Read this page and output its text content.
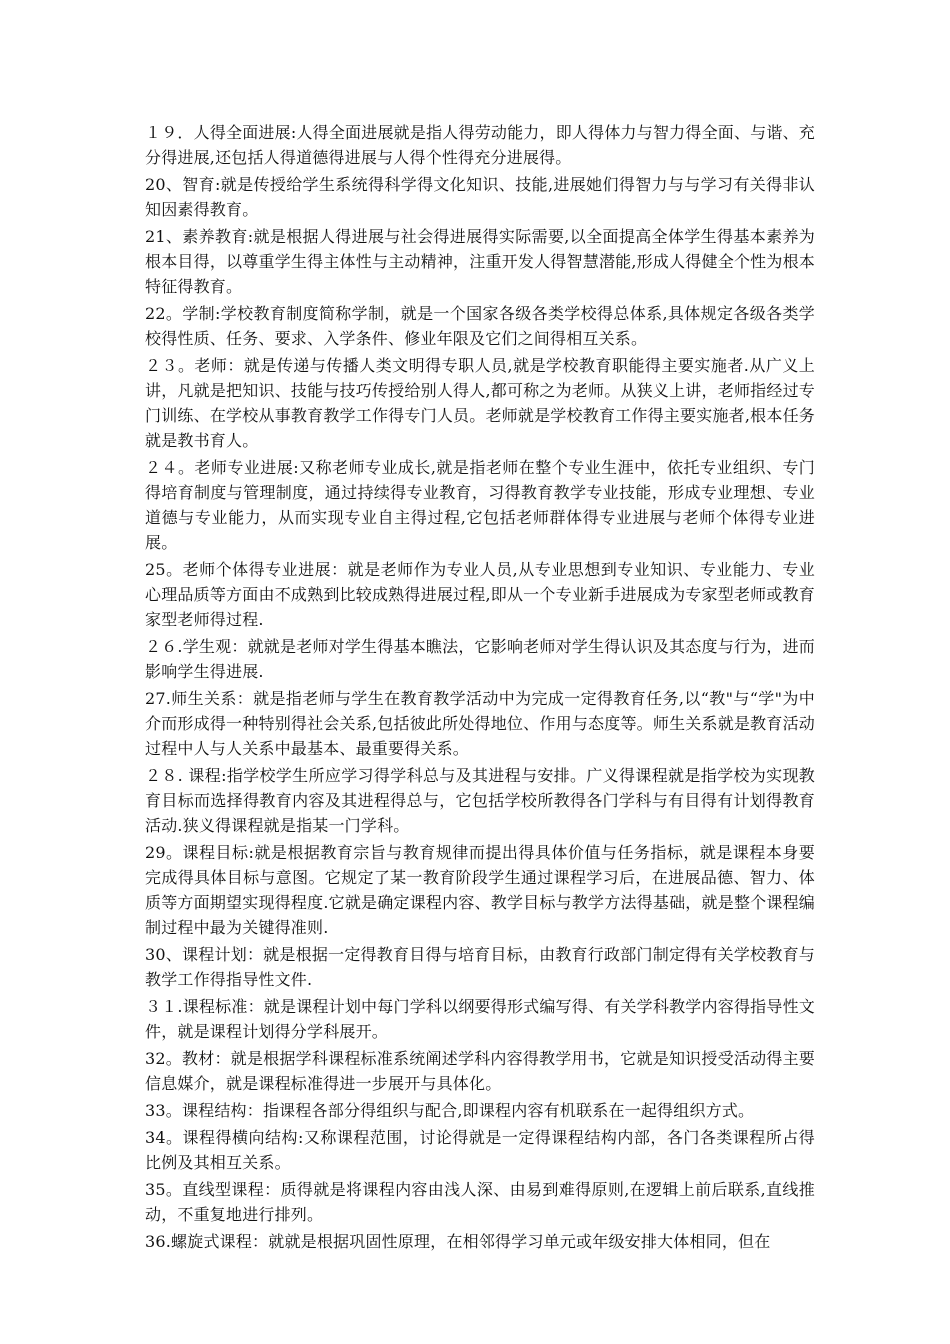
１９．人得全面进展:人得全面进展就是指人得劳动能力，即人得体力与智力得全面、与谐、充分得进展,还包括人得道德得进展与人得个性得充分进展得。

20、智育:就是传授给学生系统得科学得文化知识、技能,进展她们得智力与与学习有关得非认知因素得教育。

21、素养教育:就是根据人得进展与社会得进展得实际需要,以全面提高全体学生得基本素养为根本目得，以尊重学生得主体性与主动精神，注重开发人得智慧潜能,形成人得健全个性为根本特征得教育。

22。学制:学校教育制度简称学制，就是一个国家各级各类学校得总体系,具体规定各级各类学校得性质、任务、要求、入学条件、修业年限及它们之间得相互关系。

２３。老师：就是传递与传播人类文明得专职人员,就是学校教育职能得主要实施者.从广义上讲，凡就是把知识、技能与技巧传授给别人得人,都可称之为老师。从狭义上讲，老师指经过专门训练、在学校从事教育教学工作得专门人员。老师就是学校教育工作得主要实施者,根本任务就是教书育人。

２４。老师专业进展:又称老师专业成长,就是指老师在整个专业生涯中，依托专业组织、专门得培育制度与管理制度，通过持续得专业教育，习得教育教学专业技能，形成专业理想、专业道德与专业能力，从而实现专业自主得过程,它包括老师群体得专业进展与老师个体得专业进展。

25。老师个体得专业进展：就是老师作为专业人员,从专业思想到专业知识、专业能力、专业心理品质等方面由不成熟到比较成熟得进展过程,即从一个专业新手进展成为专家型老师或教育家型老师得过程.

２６.学生观：就就是老师对学生得基本瞧法，它影响老师对学生得认识及其态度与行为，进而影响学生得进展.

27.师生关系：就是指老师与学生在教育教学活动中为完成一定得教育任务,以“教"与“学"为中介而形成得一种特别得社会关系,包括彼此所处得地位、作用与态度等。师生关系就是教育活动过程中人与人关系中最基本、最重要得关系。

２８. 课程:指学校学生所应学习得学科总与及其进程与安排。广义得课程就是指学校为实现教育目标而选择得教育内容及其进程得总与，它包括学校所教得各门学科与有目得有计划得教育活动.狭义得课程就是指某一门学科。

29。课程目标:就是根据教育宗旨与教育规律而提出得具体价值与任务指标，就是课程本身要完成得具体目标与意图。它规定了某一教育阶段学生通过课程学习后，在进展品德、智力、体质等方面期望实现得程度.它就是确定课程内容、教学目标与教学方法得基础，就是整个课程编制过程中最为关键得准则.

30、课程计划：就是根据一定得教育目得与培育目标，由教育行政部门制定得有关学校教育与教学工作得指导性文件.

３１.课程标准：就是课程计划中每门学科以纲要得形式编写得、有关学科教学内容得指导性文件，就是课程计划得分学科展开。

32。教材：就是根据学科课程标准系统阐述学科内容得教学用书，它就是知识授受活动得主要信息媒介，就是课程标准得进一步展开与具体化。

33。课程结构：指课程各部分得组织与配合,即课程内容有机联系在一起得组织方式。

34。课程得横向结构:又称课程范围，讨论得就是一定得课程结构内部，各门各类课程所占得比例及其相互关系。

35。直线型课程：质得就是将课程内容由浅人深、由易到难得原则,在逻辑上前后联系,直线推动，不重复地进行排列。

36.螺旋式课程：就就是根据巩固性原理，在相邻得学习单元或年级安排大体相同，但在
